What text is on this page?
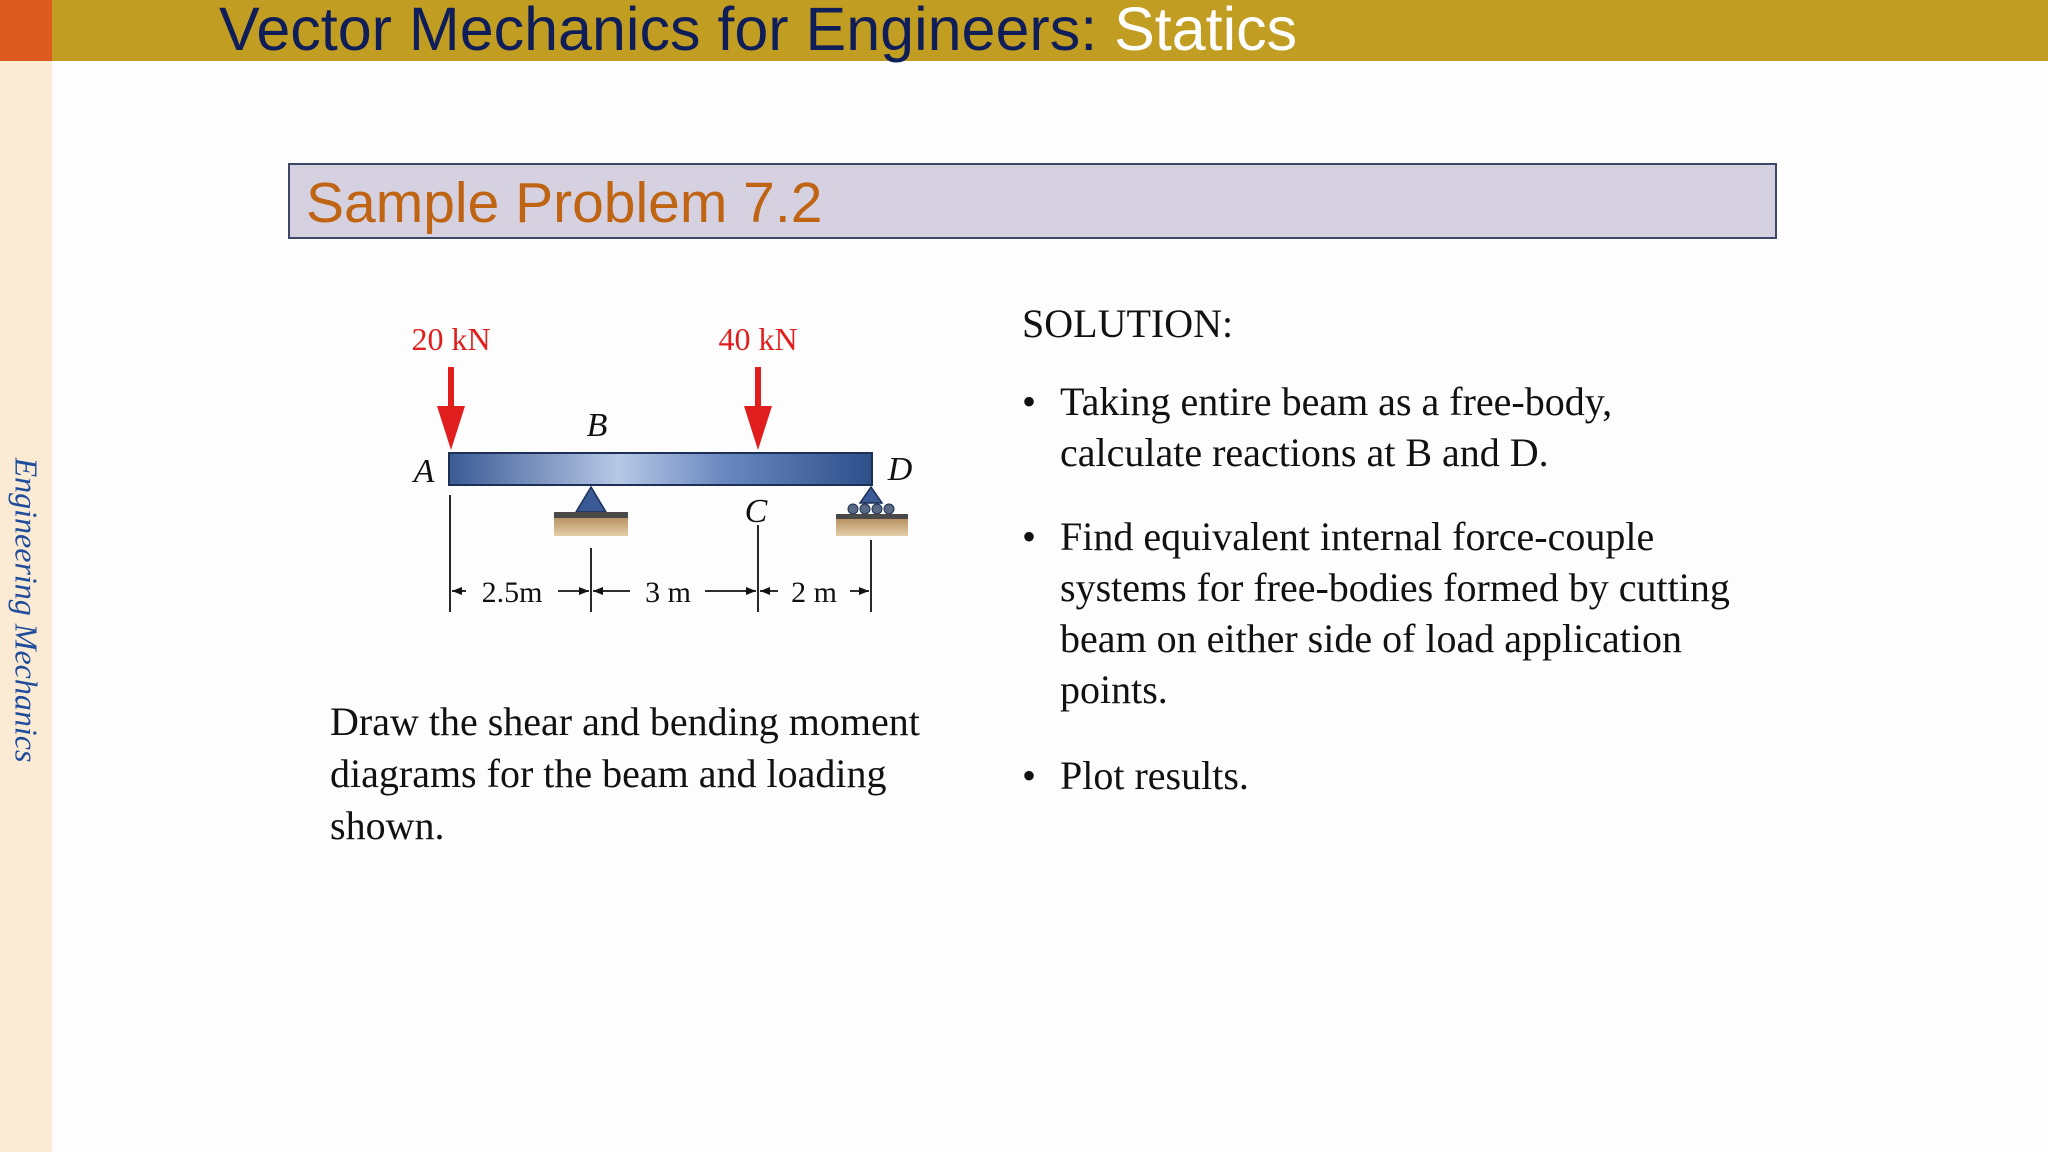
Vector Mechanics for Engineers: Statics
Engineering Mechanics
Sample Problem 7.2
20 kN	40 kN
A
B
C
D
2.5m	3 m	2 m
Draw the shear and bending moment diagrams for the beam and loading shown.
SOLUTION:
• Taking entire beam as a free-body, calculate reactions at B and D.
• Find equivalent internal force-couple systems for free-bodies formed by cutting beam on either side of load application points.
• Plot results.
